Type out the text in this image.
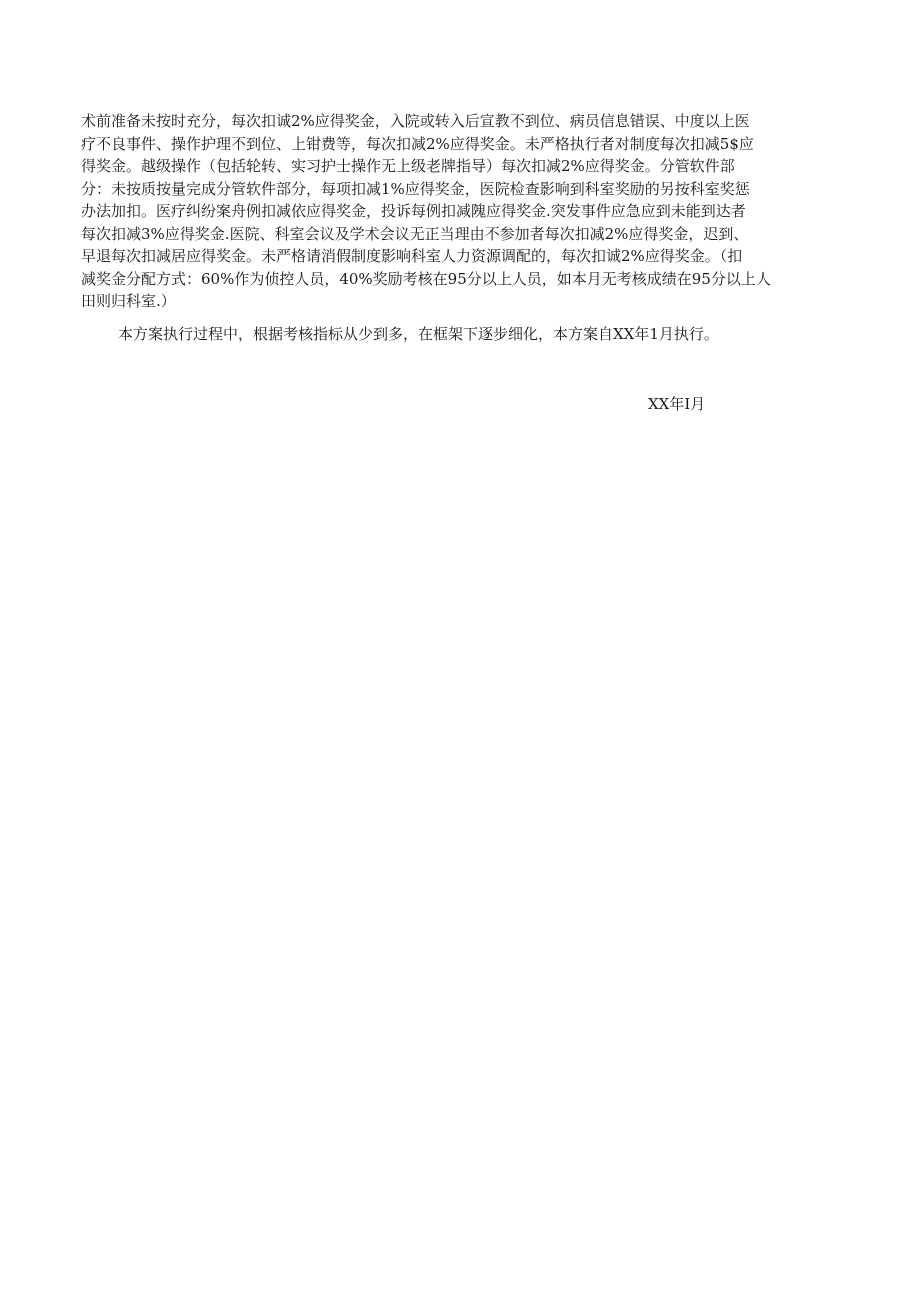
术前准备未按时充分，每次扣诚2%应得奖金，入院或转入后宣教不到位、病员信息错误、中度以上医
疗不良事件、操作护理不到位、上钳费等，每次扣减2%应得奖金。未严格执行者对制度每次扣减5$应
得奖金。越级操作（包括轮转、实习护士操作无上级老牌指导）每次扣减2%应得奖金。分管软件部
分：未按质按量完成分管软件部分，每项扣减1%应得奖金，医院检查影响到科室奖励的另按科室奖惩
办法加扣。医疗纠纷案舟例扣减依应得奖金，投诉每例扣减隗应得奖金.突发事件应急应到未能到达者
每次扣减3%应得奖金.医院、科室会议及学术会议无正当理由不参加者每次扣减2%应得奖金，迟到、
早退每次扣减居应得奖金。未严格请消假制度影响科室人力资源调配的，每次扣诚2%应得奖金。（扣
减奖金分配方式：60%作为侦控人员，40%奖励考核在95分以上人员，如本月无考核成绩在95分以上人
田则归科室.）

本方案执行过程中，根据考核指标从少到多，在框架下逐步细化，本方案自XX年1月执行。

XX年I月
